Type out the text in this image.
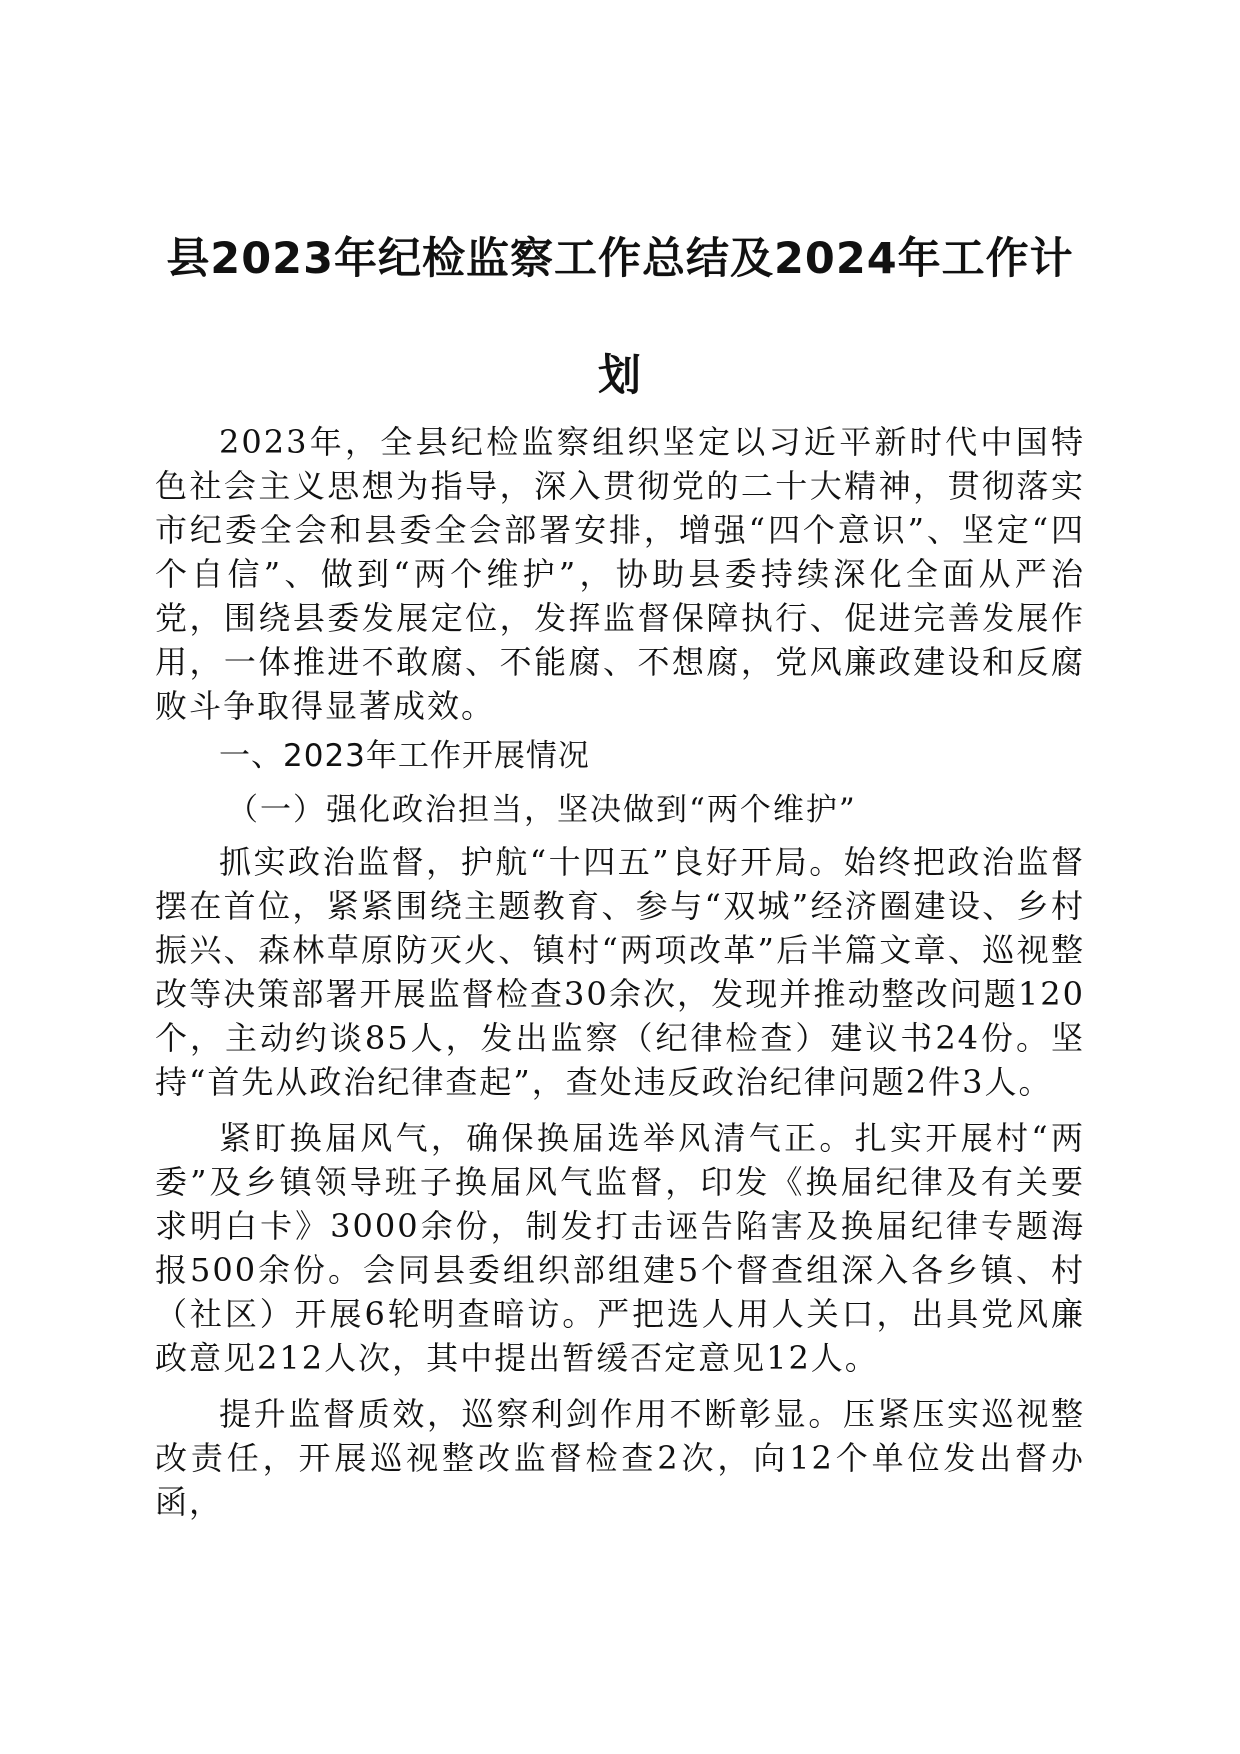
县2023年纪检监察工作总结及2024年工作计
划

2023年，全县纪检监察组织坚定以习近平新时代中国特色社会主义思想为指导，深入贯彻党的二十大精神，贯彻落实市纪委全会和县委全会部署安排，增强“四个意识”、坚定“四个自信”、做到“两个维护”，协助县委持续深化全面从严治党，围绕县委发展定位，发挥监督保障执行、促进完善发展作用，一体推进不敢腐、不能腐、不想腐，党风廉政建设和反腐败斗争取得显著成效。

一、2023年工作开展情况

（一）强化政治担当，坚决做到“两个维护”

抓实政治监督，护航“十四五”良好开局。始终把政治监督摆在首位，紧紧围绕主题教育、参与“双城”经济圈建设、乡村振兴、森林草原防灭火、镇村“两项改革”后半篇文章、巡视整改等决策部署开展监督检查30余次，发现并推动整改问题120个，主动约谈85人，发出监察（纪律检查）建议书24份。坚持“首先从政治纪律查起”，查处违反政治纪律问题2件3人。

紧盯换届风气，确保换届选举风清气正。扎实开展村“两委”及乡镇领导班子换届风气监督，印发《换届纪律及有关要求明白卡》3000余份，制发打击诬告陷害及换届纪律专题海报500余份。会同县委组织部组建5个督查组深入各乡镇、村（社区）开展6轮明查暗访。严把选人用人关口，出具党风廉政意见212人次，其中提出暂缓否定意见12人。

提升监督质效，巡察利剑作用不断彰显。压紧压实巡视整改责任，开展巡视整改监督检查2次，向12个单位发出督办函，
